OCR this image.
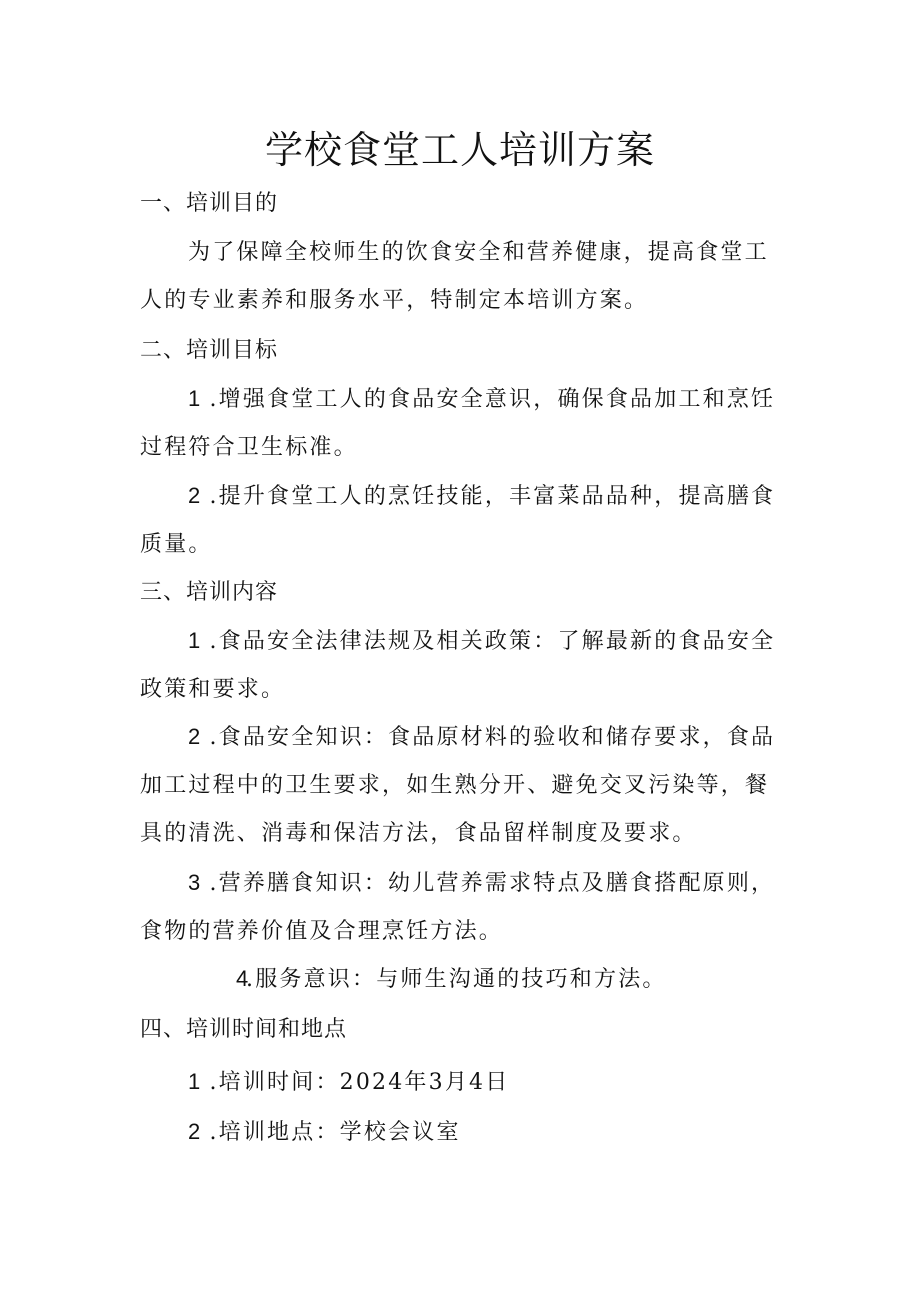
学校食堂工人培训方案
一、培训目的

为了保障全校师生的饮食安全和营养健康，提高食堂工人的专业素养和服务水平，特制定本培训方案。

二、培训目标

1 .增强食堂工人的食品安全意识，确保食品加工和烹饪过程符合卫生标准。

2 .提升食堂工人的烹饪技能，丰富菜品品种，提高膳食质量。

三、培训内容

1 .食品安全法律法规及相关政策：了解最新的食品安全政策和要求。

2 .食品安全知识：食品原材料的验收和储存要求，食品加工过程中的卫生要求，如生熟分开、避免交叉污染等，餐具的清洗、消毒和保洁方法，食品留样制度及要求。

3 .营养膳食知识：幼儿营养需求特点及膳食搭配原则，食物的营养价值及合理烹饪方法。

4.服务意识：与师生沟通的技巧和方法。

四、培训时间和地点

1 .培训时间：2024年3月4日

2 .培训地点：学校会议室
